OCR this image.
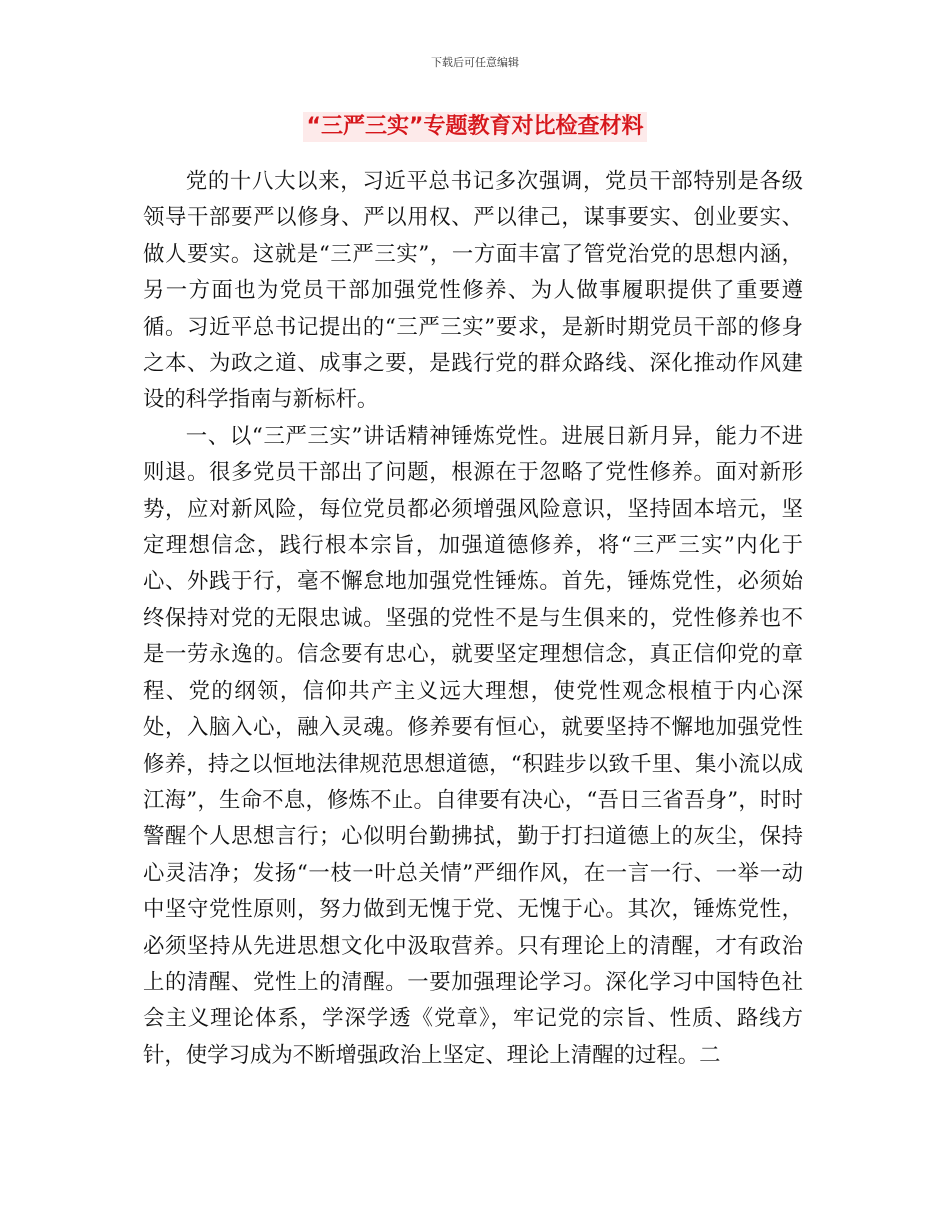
下载后可任意编辑
“三严三实”专题教育对比检查材料

党的十八大以来，习近平总书记多次强调，党员干部特别是各级领导干部要严以修身、严以用权、严以律己，谋事要实、创业要实、做人要实。这就是“三严三实”，一方面丰富了管党治党的思想内涵，另一方面也为党员干部加强党性修养、为人做事履职提供了重要遵循。习近平总书记提出的“三严三实”要求，是新时期党员干部的修身之本、为政之道、成事之要，是践行党的群众路线、深化推动作风建设的科学指南与新标杆。

一、以“三严三实”讲话精神锤炼党性。进展日新月异，能力不进则退。很多党员干部出了问题，根源在于忽略了党性修养。面对新形势，应对新风险，每位党员都必须增强风险意识，坚持固本培元，坚定理想信念，践行根本宗旨，加强道德修养，将“三严三实”内化于心、外践于行，毫不懈怠地加强党性锤炼。首先，锤炼党性，必须始终保持对党的无限忠诚。坚强的党性不是与生俱来的，党性修养也不是一劳永逸的。信念要有忠心，就要坚定理想信念，真正信仰党的章程、党的纲领，信仰共产主义远大理想，使党性观念根植于内心深处，入脑入心，融入灵魂。修养要有恒心，就要坚持不懈地加强党性修养，持之以恒地法律规范思想道德，“积跬步以致千里、集小流以成江海”，生命不息，修炼不止。自律要有决心，“吾日三省吾身”，时时警醒个人思想言行；心似明台勤拂拭，勤于打扫道德上的灰尘，保持心灵洁净；发扬“一枝一叶总关情”严细作风，在一言一行、一举一动中坚守党性原则，努力做到无愧于党、无愧于心。其次，锤炼党性，必须坚持从先进思想文化中汲取营养。只有理论上的清醒，才有政治上的清醒、党性上的清醒。一要加强理论学习。深化学习中国特色社会主义理论体系，学深学透《党章》，牢记党的宗旨、性质、路线方针，使学习成为不断增强政治上坚定、理论上清醒的过程。二
